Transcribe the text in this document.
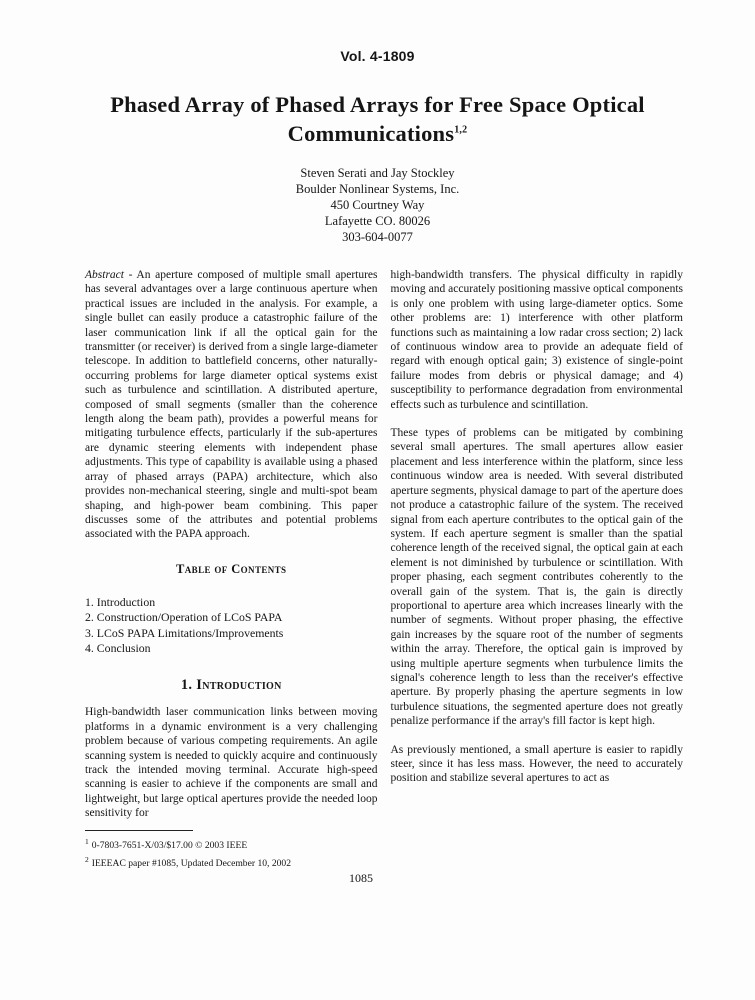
Vol. 4-1809
Phased Array of Phased Arrays for Free Space Optical
Communications$^{1,2}$
Steven Serati and Jay Stockley
Boulder Nonlinear Systems, Inc.
450 Courtney Way
Lafayette CO. 80026
303-604-0077
Abstract - An aperture composed of multiple small apertures has several advantages over a large continuous aperture when practical issues are included in the analysis. For example, a single bullet can easily produce a catastrophic failure of the laser communication link if all the optical gain for the transmitter (or receiver) is derived from a single large-diameter telescope. In addition to battlefield concerns, other naturally-occurring problems for large diameter optical systems exist such as turbulence and scintillation. A distributed aperture, composed of small segments (smaller than the coherence length along the beam path), provides a powerful means for mitigating turbulence effects, particularly if the sub-apertures are dynamic steering elements with independent phase adjustments. This type of capability is available using a phased array of phased arrays (PAPA) architecture, which also provides non-mechanical steering, single and multi-spot beam shaping, and high-power beam combining. This paper discusses some of the attributes and potential problems associated with the PAPA approach.
Table of Contents
1. Introduction
2. Construction/Operation of LCoS PAPA
3. LCoS PAPA Limitations/Improvements
4. Conclusion
1. Introduction
High-bandwidth laser communication links between moving platforms in a dynamic environment is a very challenging problem because of various competing requirements. An agile scanning system is needed to quickly acquire and continuously track the intended moving terminal. Accurate high-speed scanning is easier to achieve if the components are small and lightweight, but large optical apertures provide the needed loop sensitivity for
$^1$ 0-7803-7651-X/03/$17.00 © 2003 IEEE
$^2$ IEEEAC paper #1085, Updated December 10, 2002

high-bandwidth transfers. The physical difficulty in rapidly moving and accurately positioning massive optical components is only one problem with using large-diameter optics. Some other problems are: 1) interference with other platform functions such as maintaining a low radar cross section; 2) lack of continuous window area to provide an adequate field of regard with enough optical gain; 3) existence of single-point failure modes from debris or physical damage; and 4) susceptibility to performance degradation from environmental effects such as turbulence and scintillation.

These types of problems can be mitigated by combining several small apertures. The small apertures allow easier placement and less interference within the platform, since less continuous window area is needed. With several distributed aperture segments, physical damage to part of the aperture does not produce a catastrophic failure of the system. The received signal from each aperture contributes to the optical gain of the system. If each aperture segment is smaller than the spatial coherence length of the received signal, the optical gain at each element is not diminished by turbulence or scintillation. With proper phasing, each segment contributes coherently to the overall gain of the system. That is, the gain is directly proportional to aperture area which increases linearly with the number of segments. Without proper phasing, the effective gain increases by the square root of the number of segments within the array. Therefore, the optical gain is improved by using multiple aperture segments when turbulence limits the signal's coherence length to less than the receiver's effective aperture. By properly phasing the aperture segments in low turbulence situations, the segmented aperture does not greatly penalize performance if the array's fill factor is kept high.

As previously mentioned, a small aperture is easier to rapidly steer, since it has less mass. However, the need to accurately position and stabilize several apertures to act as

1085
